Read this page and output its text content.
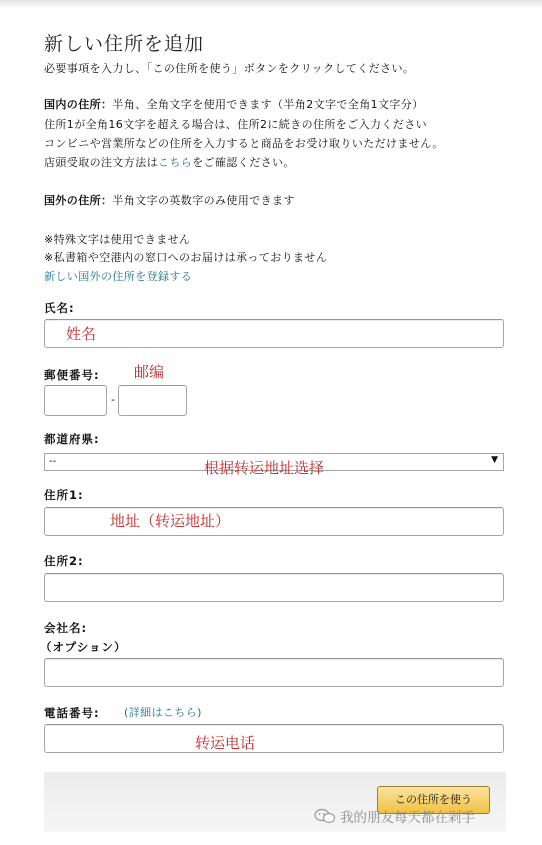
新しい住所を追加
必要事項を入力し、「この住所を使う」ボタンをクリックしてください。
国内の住所：半角、全角文字を使用できます（半角2文字で全角1文字分）
住所1が全角16文字を超える場合は、住所2に続きの住所をご入力ください
コンビニや営業所などの住所を入力すると商品をお受け取りいただけません。
店頭受取の注文方法はこちらをご確認ください。
国外の住所：半角文字の英数字のみ使用できます
※特殊文字は使用できません
※私書箱や空港内の窓口へのお届けは承っておりません
新しい国外の住所を登録する
氏名:
姓名
郵便番号: 邮编
-
都道府県:
--	▼
根据转运地址选择
住所1:
地址（转运地址）
住所2:
会社名:
（オプション）
電話番号: (詳細はこちら)
转运电话
この住所を使う
我的朋友每天都在剁手
